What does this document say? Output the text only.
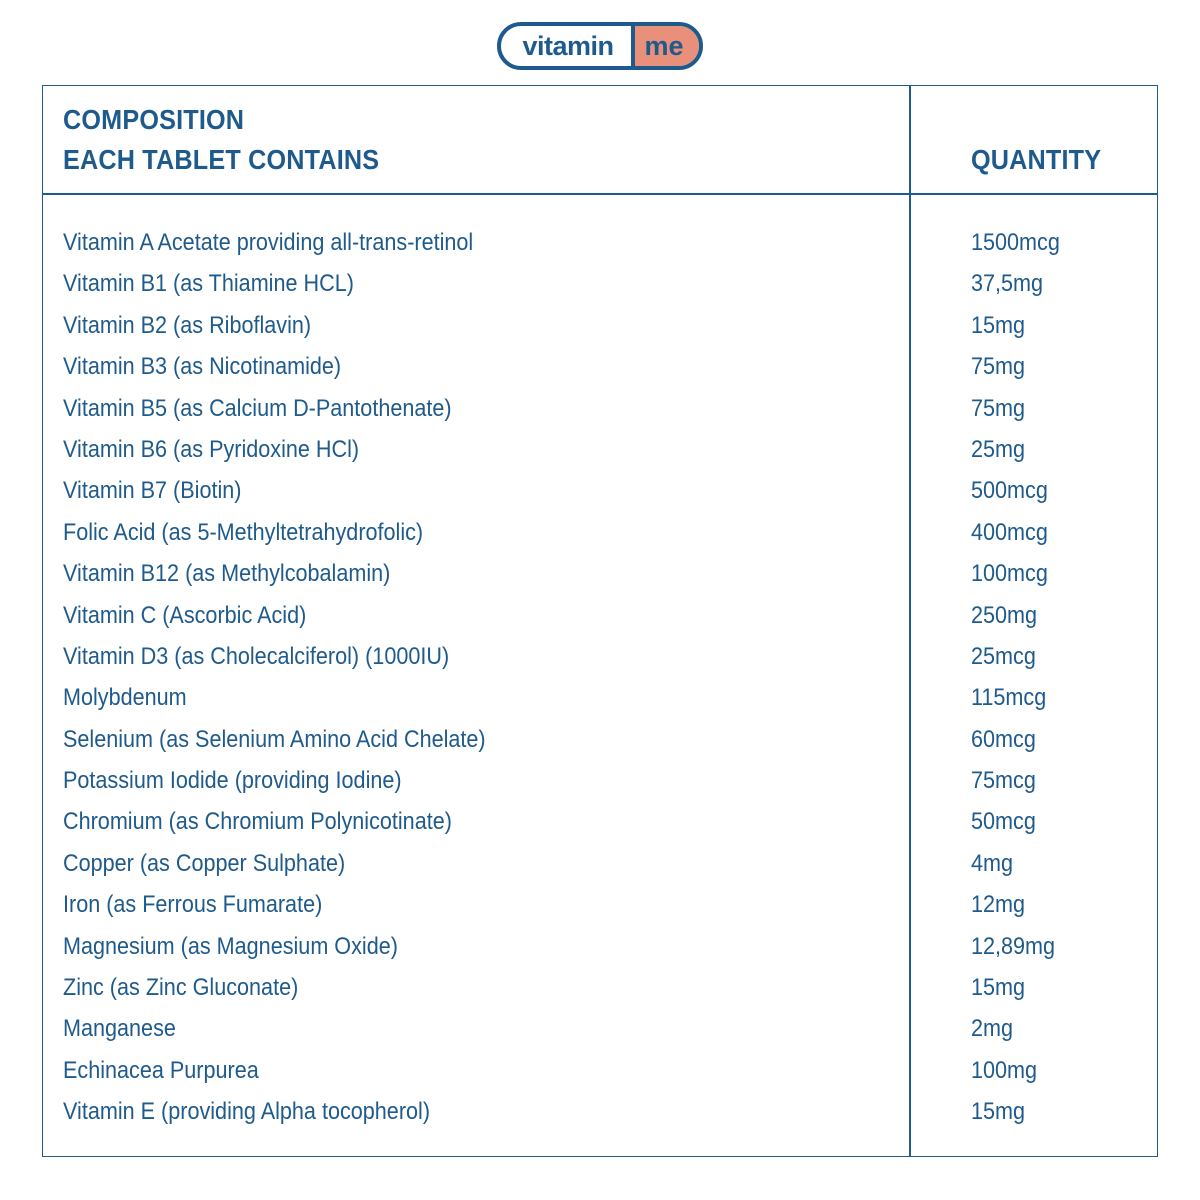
vitamin	me
COMPOSITION
EACH TABLET CONTAINS	QUANTITY
Vitamin A Acetate providing all-trans-retinol	1500mcg
Vitamin B1 (as Thiamine HCL)	37,5mg
Vitamin B2 (as Riboflavin)	15mg
Vitamin B3 (as Nicotinamide)	75mg
Vitamin B5 (as Calcium D-Pantothenate)	75mg
Vitamin B6 (as Pyridoxine HCl)	25mg
Vitamin B7 (Biotin)	500mcg
Folic Acid (as 5-Methyltetrahydrofolic)	400mcg
Vitamin B12 (as Methylcobalamin)	100mcg
Vitamin C (Ascorbic Acid)	250mg
Vitamin D3 (as Cholecalciferol) (1000IU)	25mcg
Molybdenum	115mcg
Selenium (as Selenium Amino Acid Chelate)	60mcg
Potassium Iodide (providing Iodine)	75mcg
Chromium (as Chromium Polynicotinate)	50mcg
Copper (as Copper Sulphate)	4mg
Iron (as Ferrous Fumarate)	12mg
Magnesium (as Magnesium Oxide)	12,89mg
Zinc (as Zinc Gluconate)	15mg
Manganese	2mg
Echinacea Purpurea	100mg
Vitamin E (providing Alpha tocopherol)	15mg
